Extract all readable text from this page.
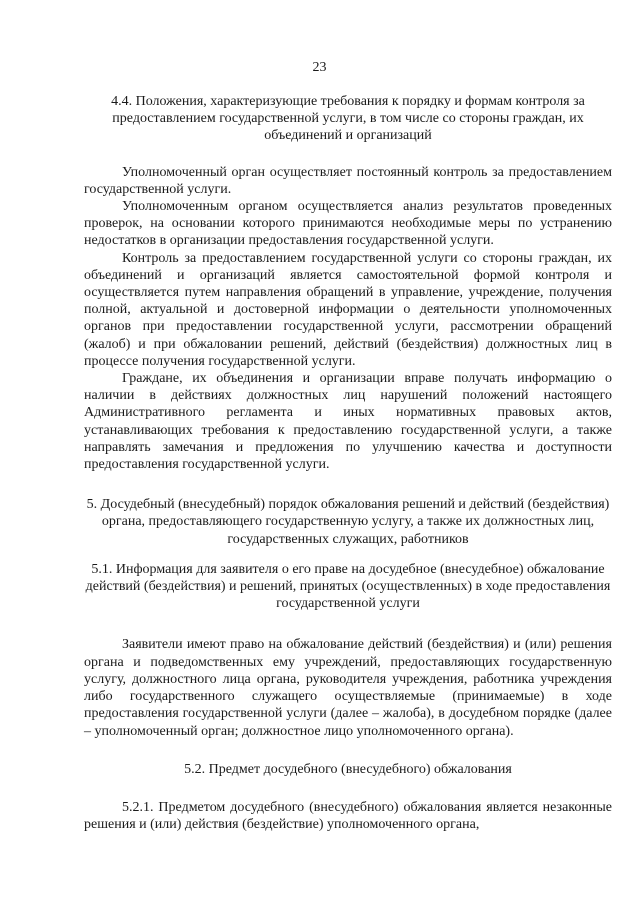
23

4.4. Положения, характеризующие требования к порядку и формам контроля за предоставлением государственной услуги, в том числе со стороны граждан, их объединений и организаций

Уполномоченный орган осуществляет постоянный контроль за предоставлением государственной услуги.

Уполномоченным органом осуществляется анализ результатов проведенных проверок, на основании которого принимаются необходимые меры по устранению недостатков в организации предоставления государственной услуги.

Контроль за предоставлением государственной услуги со стороны граждан, их объединений и организаций является самостоятельной формой контроля и осуществляется путем направления обращений в управление, учреждение, получения полной, актуальной и достоверной информации о деятельности уполномоченных органов при предоставлении государственной услуги, рассмотрении обращений (жалоб) и при обжаловании решений, действий (бездействия) должностных лиц в процессе получения государственной услуги.

Граждане, их объединения и организации вправе получать информацию о наличии в действиях должностных лиц нарушений положений настоящего Административного регламента и иных нормативных правовых актов, устанавливающих требования к предоставлению государственной услуги, а также направлять замечания и предложения по улучшению качества и доступности предоставления государственной услуги.

5. Досудебный (внесудебный) порядок обжалования решений и действий (бездействия) органа, предоставляющего государственную услугу, а также их должностных лиц, государственных служащих, работников

5.1. Информация для заявителя о его праве на досудебное (внесудебное) обжалование действий (бездействия) и решений, принятых (осуществленных) в ходе предоставления государственной услуги

Заявители имеют право на обжалование действий (бездействия) и (или) решения органа и подведомственных ему учреждений, предоставляющих государственную услугу, должностного лица органа, руководителя учреждения, работника учреждения либо государственного служащего осуществляемые (принимаемые) в ходе предоставления государственной услуги (далее – жалоба), в досудебном порядке (далее – уполномоченный орган; должностное лицо уполномоченного органа).

5.2. Предмет досудебного (внесудебного) обжалования

5.2.1. Предметом досудебного (внесудебного) обжалования является незаконные решения и (или) действия (бездействие) уполномоченного органа,
